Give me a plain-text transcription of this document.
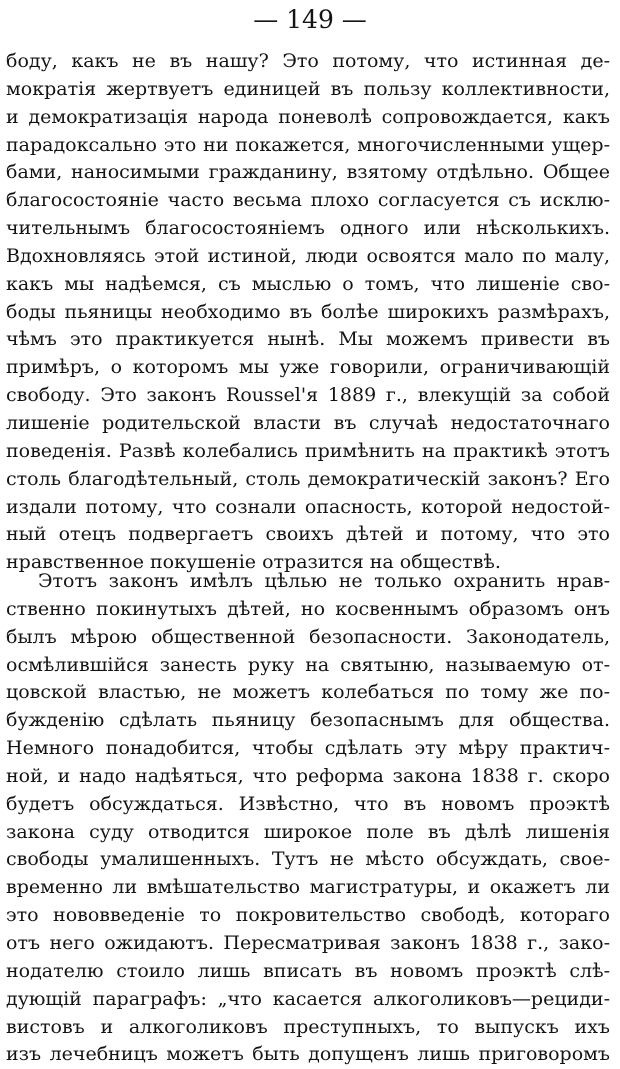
— 149 —
боду, какъ не въ нашу? Это потому, что истинная де-
мократія жертвуетъ единицей въ пользу коллективности,
и демократизація народа поневолѣ сопровождается, какъ
парадоксально это ни покажется, многочисленными ущер-
бами, наносимыми гражданину, взятому отдѣльно. Общее
благосостояніе часто весьма плохо согласуется съ исклю-
чительнымъ благосостояніемъ одного или нѣсколькихъ.
Вдохновляясь этой истиной, люди освоятся мало по малу,
какъ мы надѣемся, съ мыслью о томъ, что лишеніе сво-
боды пьяницы необходимо въ болѣе широкихъ размѣрахъ,
чѣмъ это практикуется нынѣ. Мы можемъ привести въ
примѣръ, о которомъ мы уже говорили, ограничивающій
свободу. Это законъ Roussel'я 1889 г., влекущій за собой
лишеніе родительской власти въ случаѣ недостаточнаго
поведенія. Развѣ колебались примѣнить на практикѣ этотъ
столь благодѣтельный, столь демократическій законъ? Его
издали потому, что сознали опасность, которой недостой-
ный отецъ подвергаетъ своихъ дѣтей и потому, что это
нравственное покушеніе отразится на обществѣ.
Этотъ законъ имѣлъ цѣлью не только охранить нрав-
ственно покинутыхъ дѣтей, но косвеннымъ образомъ онъ
былъ мѣрою общественной безопасности. Законодатель,
осмѣлившійся занесть руку на святыню, называемую от-
цовской властью, не можетъ колебаться по тому же по-
бужденію сдѣлать пьяницу безопаснымъ для общества.
Немного понадобится, чтобы сдѣлать эту мѣру практич-
ной, и надо надѣяться, что реформа закона 1838 г. скоро
будетъ обсуждаться. Извѣстно, что въ новомъ проэктѣ
закона суду отводится широкое поле въ дѣлѣ лишенія
свободы умалишенныхъ. Тутъ не мѣсто обсуждать, свое-
временно ли вмѣшательство магистратуры, и окажетъ ли
это нововведеніе то покровительство свободѣ, котораго
отъ него ожидаютъ. Пересматривая законъ 1838 г., зако-
нодателю стоило лишь вписать въ новомъ проэктѣ слѣ-
дующій параграфъ: „что касается алкоголиковъ—рециди-
вистовъ и алкоголиковъ преступныхъ, то выпускъ ихъ
изъ лечебницъ можетъ быть допущенъ лишь приговоромъ
